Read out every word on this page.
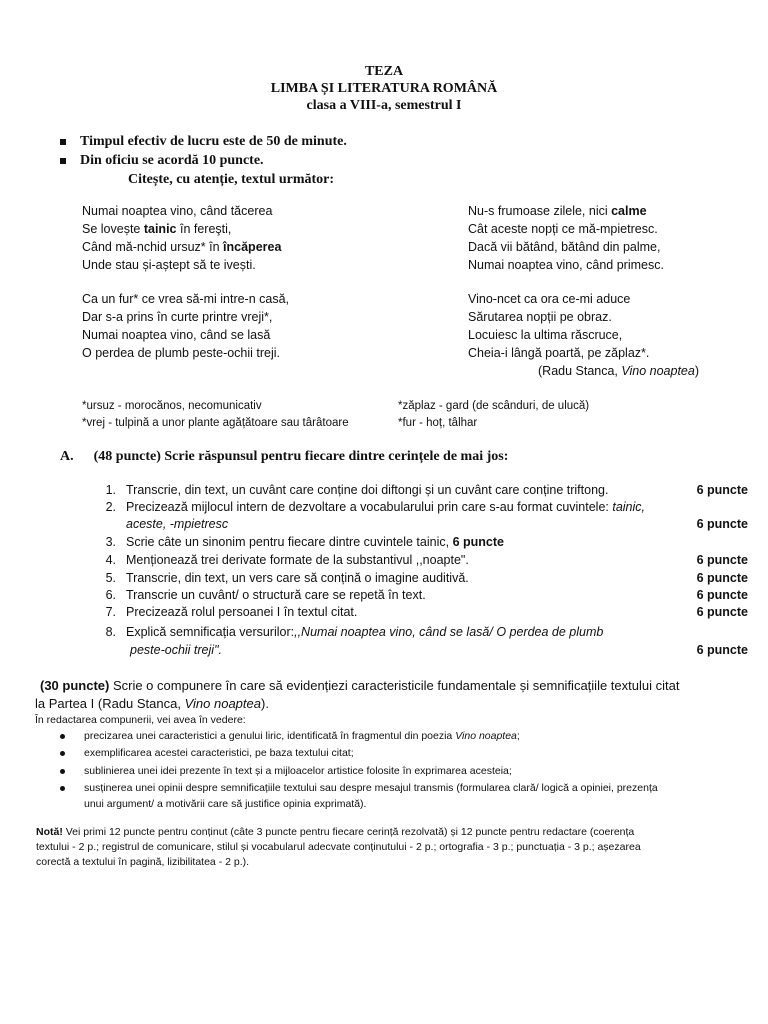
TEZA
LIMBA ȘI LITERATURA ROMÂNĂ
clasa a VIII-a, semestrul I
Timpul efectiv de lucru este de 50 de minute.
Din oficiu se acordă 10 puncte.
Citește, cu atenție, textul următor:
Numai noaptea vino, când tăcerea
Se lovește tainic în fereşti,
Când mă-nchid ursuz* în încăperea
Unde stau și-aștept să te ivești.
Ca un fur* ce vrea să-mi intre-n casă,
Dar s-a prins în curte printre vreji*,
Numai noaptea vino, când se lasă
O perdea de plumb peste-ochii treji.
Nu-s frumoase zilele, nici calme
Cât aceste nopți ce mă-mpietresc.
Dacă vii bătând, bătând din palme,
Numai noaptea vino, când primesc.
Vino-ncet ca ora ce-mi aduce
Sărutarea nopții pe obraz.
Locuiesc la ultima răscruce,
Cheia-i lângă poartă, pe zăplaz*.
(Radu Stanca, Vino noaptea)
*ursuz - morocănos, necomunicativ
*vrej - tulpină a unor plante agățătoare sau târâtoare
*zăplaz - gard (de scânduri, de ulucă)
*fur - hoț, tâlhar
A. (48 puncte) Scrie răspunsul pentru fiecare dintre cerințele de mai jos:
1. Transcrie, din text, un cuvânt care conține doi diftongi și un cuvânt care conține triftong.	6 puncte
2. Precizează mijlocul intern de dezvoltare a vocabularului prin care s-au format cuvintele: tainic,
aceste, -mpietresc	6 puncte
3. Scrie câte un sinonim pentru fiecare dintre cuvintele tainic, 6 puncte
4. Menționează trei derivate formate de la substantivul ,,noapte".	6 puncte
5. Transcrie, din text, un vers care să conțină o imagine auditivă.	6 puncte
6. Transcrie un cuvânt/ o structură care se repetă în text.	6 puncte
7. Precizează rolul persoanei I în textul citat.	6 puncte
8. Explică semnificația versurilor:,,Numai noaptea vino, când se lasă/ O perdea de plumb
peste-ochii treji".	6 puncte
(30 puncte) Scrie o compunere în care să evidențiezi caracteristicile fundamentale și semnificațiile textului citat
la Partea I (Radu Stanca, Vino noaptea).
În redactarea compunerii, vei avea în vedere:
precizarea unei caracteristici a genului liric, identificată în fragmentul din poezia Vino noaptea;
exemplificarea acestei caracteristici, pe baza textului citat;
sublinierea unei idei prezente în text și a mijloacelor artistice folosite în exprimarea acesteia;
susținerea unei opinii despre semnificațiile textului sau despre mesajul transmis (formularea clară/ logică a opiniei, prezența
unui argument/ a motivării care să justifice opinia exprimată).
Notă! Vei primi 12 puncte pentru conținut (câte 3 puncte pentru fiecare cerință rezolvată) și 12 puncte pentru redactare (coerența
textului - 2 p.; registrul de comunicare, stilul și vocabularul adecvate conținutului - 2 p.; ortografia - 3 p.; punctuația - 3 p.; așezarea
corectă a textului în pagină, lizibilitatea - 2 p.).
